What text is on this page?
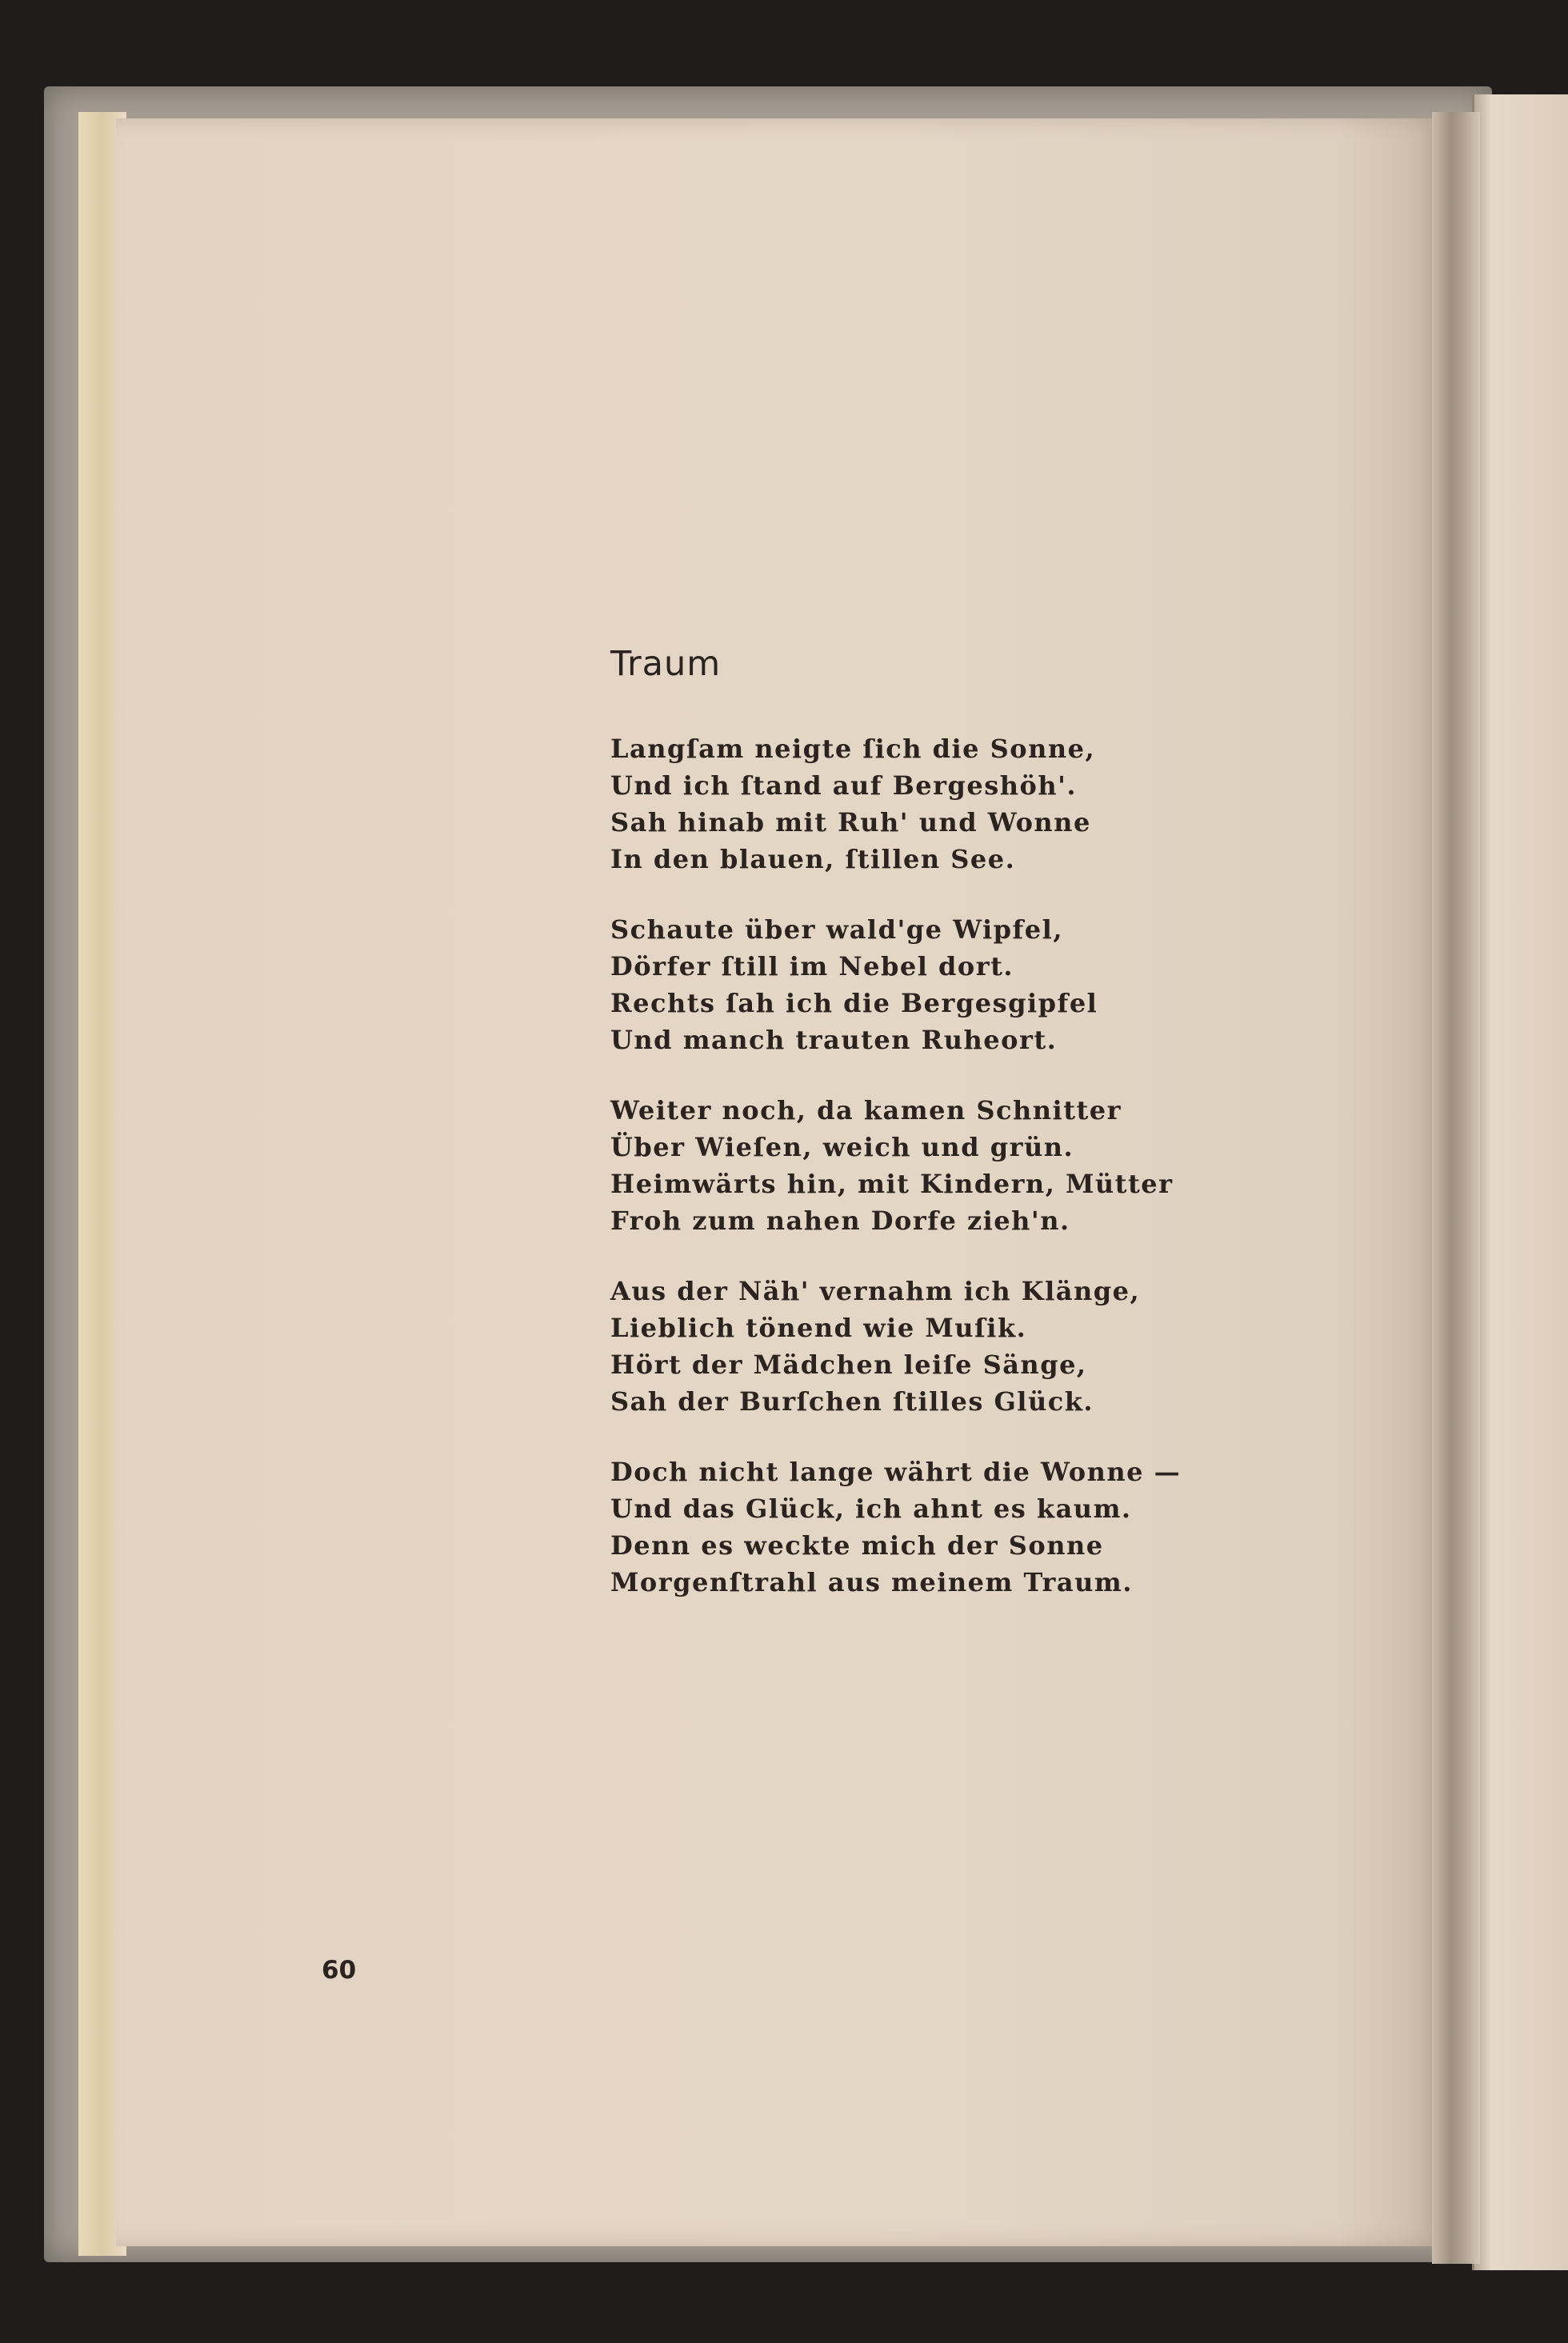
Traum
Langſam neigte ſich die Sonne,
Und ich ſtand auf Bergeshöh'.
Sah hinab mit Ruh' und Wonne
In den blauen, ſtillen See.
Schaute über wald'ge Wipfel,
Dörfer ſtill im Nebel dort.
Rechts ſah ich die Bergesgipfel
Und manch trauten Ruheort.
Weiter noch, da kamen Schnitter
Über Wieſen, weich und grün.
Heimwärts hin, mit Kindern, Mütter
Froh zum nahen Dorfe zieh'n.
Aus der Näh' vernahm ich Klänge,
Lieblich tönend wie Muſik.
Hört der Mädchen leiſe Sänge,
Sah der Burſchen ſtilles Glück.
Doch nicht lange währt die Wonne —
Und das Glück, ich ahnt es kaum.
Denn es weckte mich der Sonne
Morgenſtrahl aus meinem Traum.
60
